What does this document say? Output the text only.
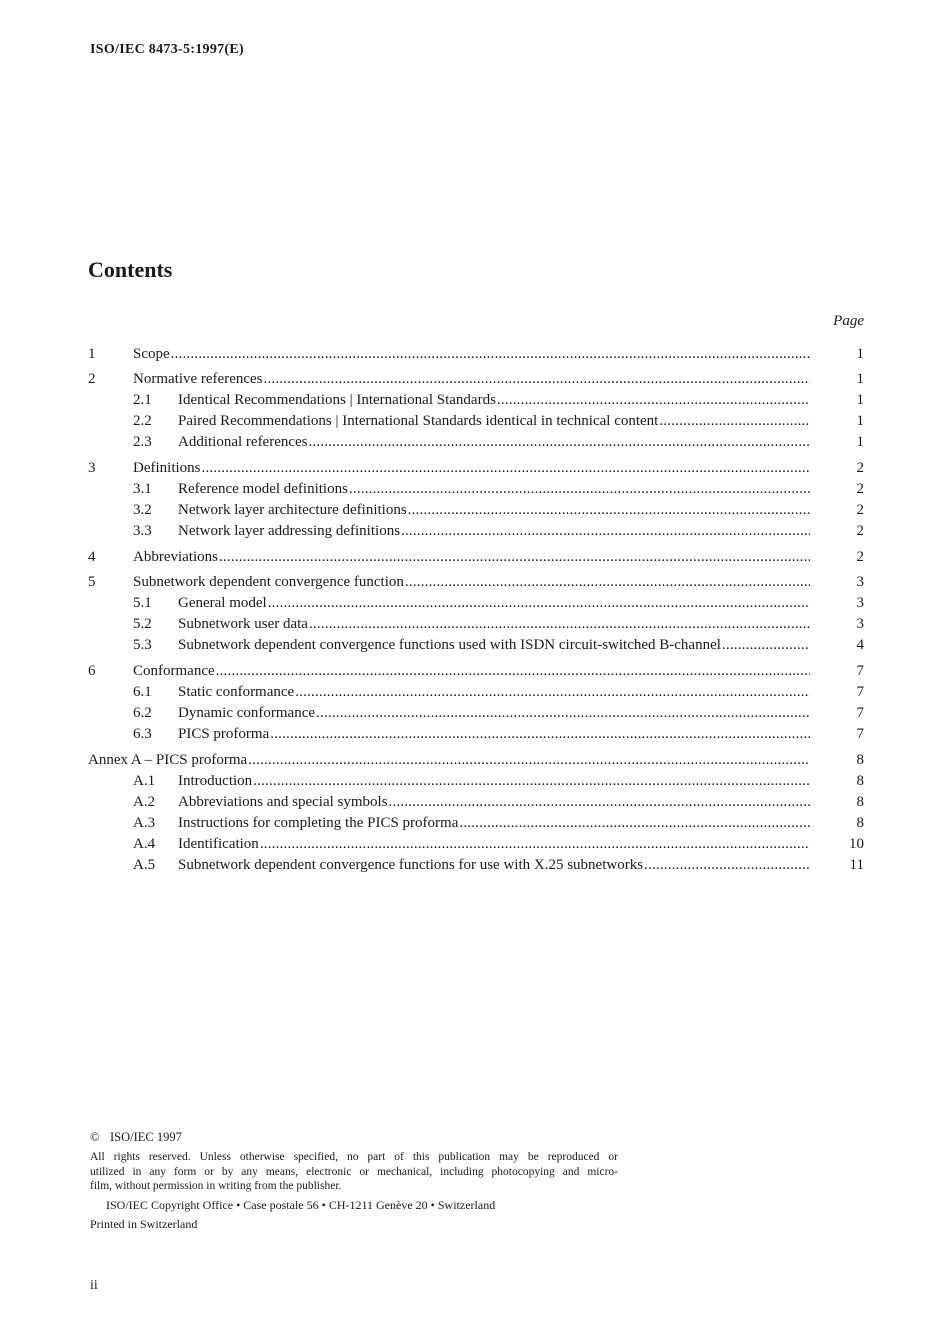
ISO/IEC 8473-5:1997(E)
Contents
Page
1	Scope .....	1
2	Normative references .....	1
2.1	Identical Recommendations | International Standards .....	1
2.2	Paired Recommendations | International Standards identical in technical content .....	1
2.3	Additional references .....	1
3	Definitions .....	2
3.1	Reference model definitions .....	2
3.2	Network layer architecture definitions .....	2
3.3	Network layer addressing definitions .....	2
4	Abbreviations .....	2
5	Subnetwork dependent convergence function .....	3
5.1	General model .....	3
5.2	Subnetwork user data .....	3
5.3	Subnetwork dependent convergence functions used with ISDN circuit-switched B-channel .....	4
6	Conformance .....	7
6.1	Static conformance .....	7
6.2	Dynamic conformance .....	7
6.3	PICS proforma .....	7
Annex A – PICS proforma .....	8
A.1	Introduction .....	8
A.2	Abbreviations and special symbols .....	8
A.3	Instructions for completing the PICS proforma .....	8
A.4	Identification .....	10
A.5	Subnetwork dependent convergence functions for use with X.25 subnetworks .....	11
© ISO/IEC 1997
All rights reserved. Unless otherwise specified, no part of this publication may be reproduced or
utilized in any form or by any means, electronic or mechanical, including photocopying and micro-
film, without permission in writing from the publisher.
ISO/IEC Copyright Office • Case postale 56 • CH-1211 Genève 20 • Switzerland
Printed in Switzerland
ii
